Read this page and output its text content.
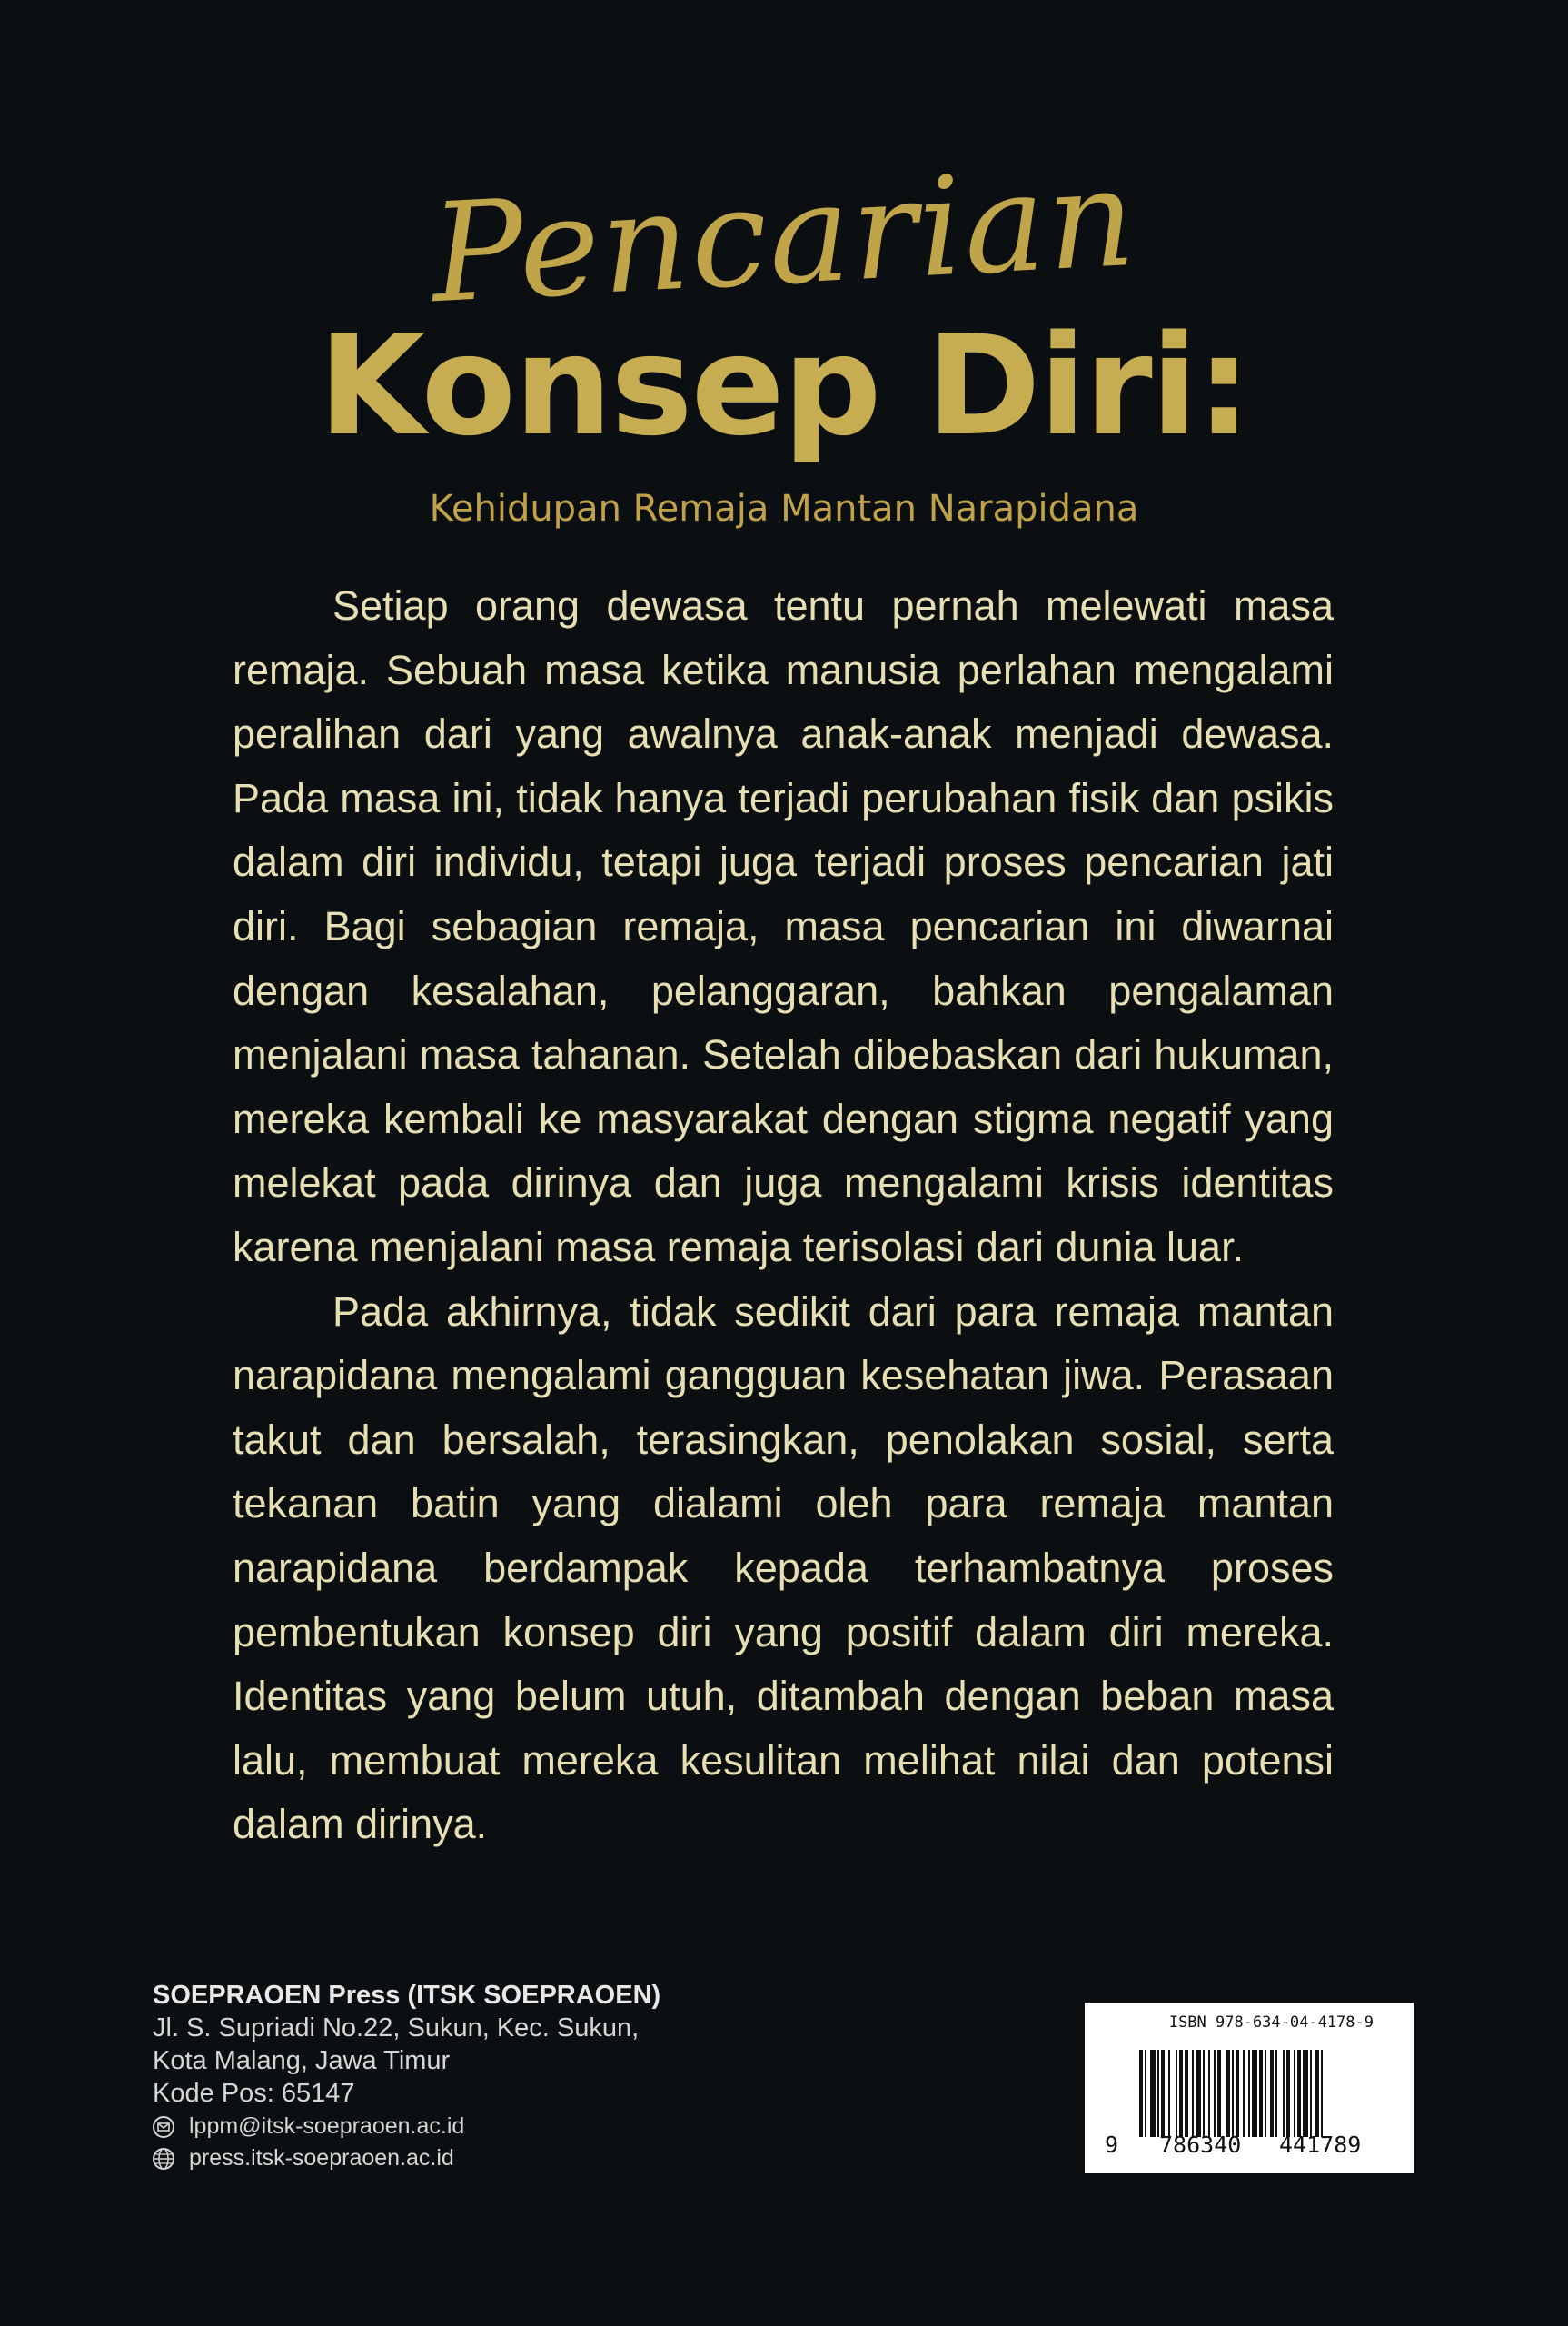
Pencarian
Konsep Diri:
Kehidupan Remaja Mantan Narapidana

Setiap orang dewasa tentu pernah melewati masa remaja. Sebuah masa ketika manusia perlahan mengalami peralihan dari yang awalnya anak-anak menjadi dewasa. Pada masa ini, tidak hanya terjadi perubahan fisik dan psikis dalam diri individu, tetapi juga terjadi proses pencarian jati diri. Bagi sebagian remaja, masa pencarian ini diwarnai dengan kesalahan, pelanggaran, bahkan pengalaman menjalani masa tahanan. Setelah dibebaskan dari hukuman, mereka kembali ke masyarakat dengan stigma negatif yang melekat pada dirinya dan juga mengalami krisis identitas karena menjalani masa remaja terisolasi dari dunia luar.

Pada akhirnya, tidak sedikit dari para remaja mantan narapidana mengalami gangguan kesehatan jiwa. Perasaan takut dan bersalah, terasingkan, penolakan sosial, serta tekanan batin yang dialami oleh para remaja mantan narapidana berdampak kepada terhambatnya proses pembentukan konsep diri yang positif dalam diri mereka. Identitas yang belum utuh, ditambah dengan beban masa lalu, membuat mereka kesulitan melihat nilai dan potensi dalam dirinya.

SOEPRAOEN Press (ITSK SOEPRAOEN)
Jl. S. Supriadi No.22, Sukun, Kec. Sukun,
Kota Malang, Jawa Timur
Kode Pos: 65147
lppm@itsk-soepraoen.ac.id
press.itsk-soepraoen.ac.id
ISBN 978-634-04-4178-9
9 786340 441789
